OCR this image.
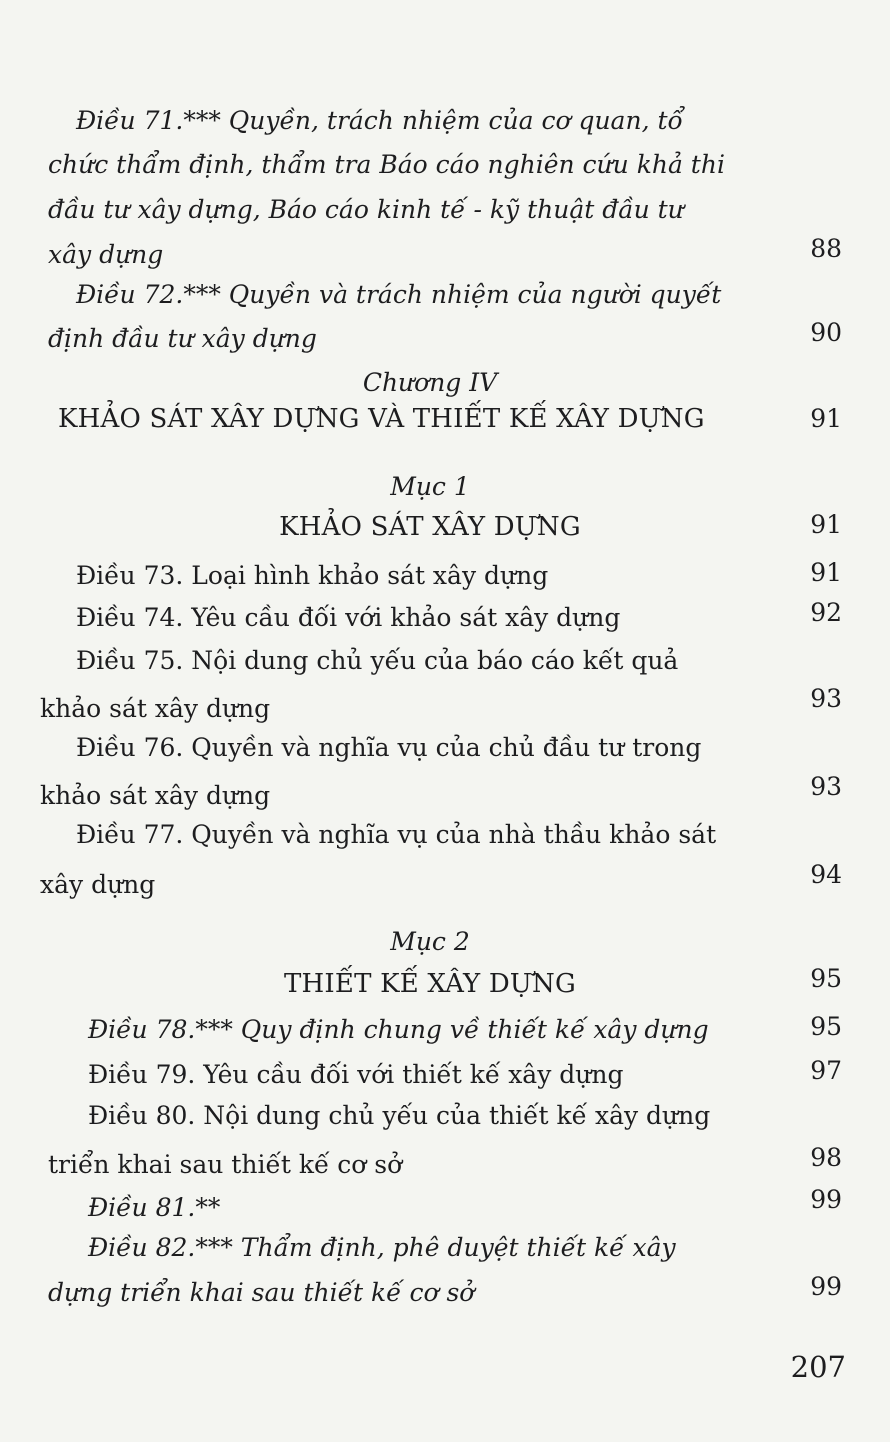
Điều 71.*** Quyền, trách nhiệm của cơ quan, tổ
chức thẩm định, thẩm tra Báo cáo nghiên cứu khả thi
đầu tư xây dựng, Báo cáo kinh tế - kỹ thuật đầu tư
xây dựng	88
Điều 72.*** Quyền và trách nhiệm của người quyết
định đầu tư xây dựng	90
Chương IV
KHẢO SÁT XÂY DỰNG VÀ THIẾT KẾ XÂY DỰNG	91
Mục 1
KHẢO SÁT XÂY DỰNG	91
Điều 73. Loại hình khảo sát xây dựng	91
Điều 74. Yêu cầu đối với khảo sát xây dựng	92
Điều 75. Nội dung chủ yếu của báo cáo kết quả
khảo sát xây dựng	93
Điều 76. Quyền và nghĩa vụ của chủ đầu tư trong
khảo sát xây dựng	93
Điều 77. Quyền và nghĩa vụ của nhà thầu khảo sát
xây dựng	94
Mục 2
THIẾT KẾ XÂY DỰNG	95
Điều 78.*** Quy định chung về thiết kế xây dựng	95
Điều 79. Yêu cầu đối với thiết kế xây dựng	97
Điều 80. Nội dung chủ yếu của thiết kế xây dựng
triển khai sau thiết kế cơ sở	98
Điều 81.**	99
Điều 82.*** Thẩm định, phê duyệt thiết kế xây
dựng triển khai sau thiết kế cơ sở	99
207
